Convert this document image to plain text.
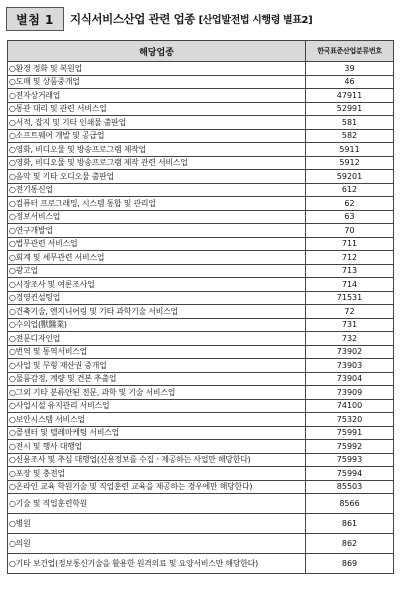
별첨 1	지식서비스산업 관련 업종 [산업발전법 시행령 별표2]
해당업종	한국표준산업분류번호
○환경 정화 및 복원업	39
○도매 및 상품중개업	46
○전자상거래업	47911
○통관 대리 및 관련 서비스업	52991
○서적, 잡지 및 기타 인쇄물 출판업	581
○소프트웨어 개발 및 공급업	582
○영화, 비디오물 및 방송프로그램 제작업	5911
○영화, 비디오물 및 방송프로그램 제작 관련 서비스업	5912
○음악 및 기타 오디오물 출판업	59201
○전기통신업	612
○컴퓨터 프로그래밍, 시스템 통합 및 관리업	62
○정보서비스업	63
○연구개발업	70
○법무관련 서비스업	711
○회계 및 세무관련 서비스업	712
○광고업	713
○시장조사 및 여론조사업	714
○경영컨설팅업	71531
○건축기술, 엔지니어링 및 기타 과학기술 서비스업	72
○수의업(獸醫業)	731
○전문디자인업	732
○번역 및 통역서비스업	73902
○사업 및 무형 재산권 중개업	73903
○물품감정, 계량 및 견본 추출업	73904
○그외 기타 분류안된 전문, 과학 및 기술 서비스업	73909
○사업시설 유지관리 서비스업	74100
○보안시스템 서비스업	75320
○콜센터 및 텔레마케팅 서비스업	75991
○전시 및 행사 대행업	75992
○신용조사 및 추심 대행업(신용정보를 수집ㆍ제공하는 사업만 해당한다)	75993
○포장 및 충전업	75994
○온라인 교육 학원기술 및 직업훈련 교육을 제공하는 경우에만 해당한다)	85503
○기술 및 직업훈련학원	8566
○병원	861
○의원	862
○기타 보건업(정보통신기술을 활용한 원격의료 및 요양서비스만 해당한다)	869
